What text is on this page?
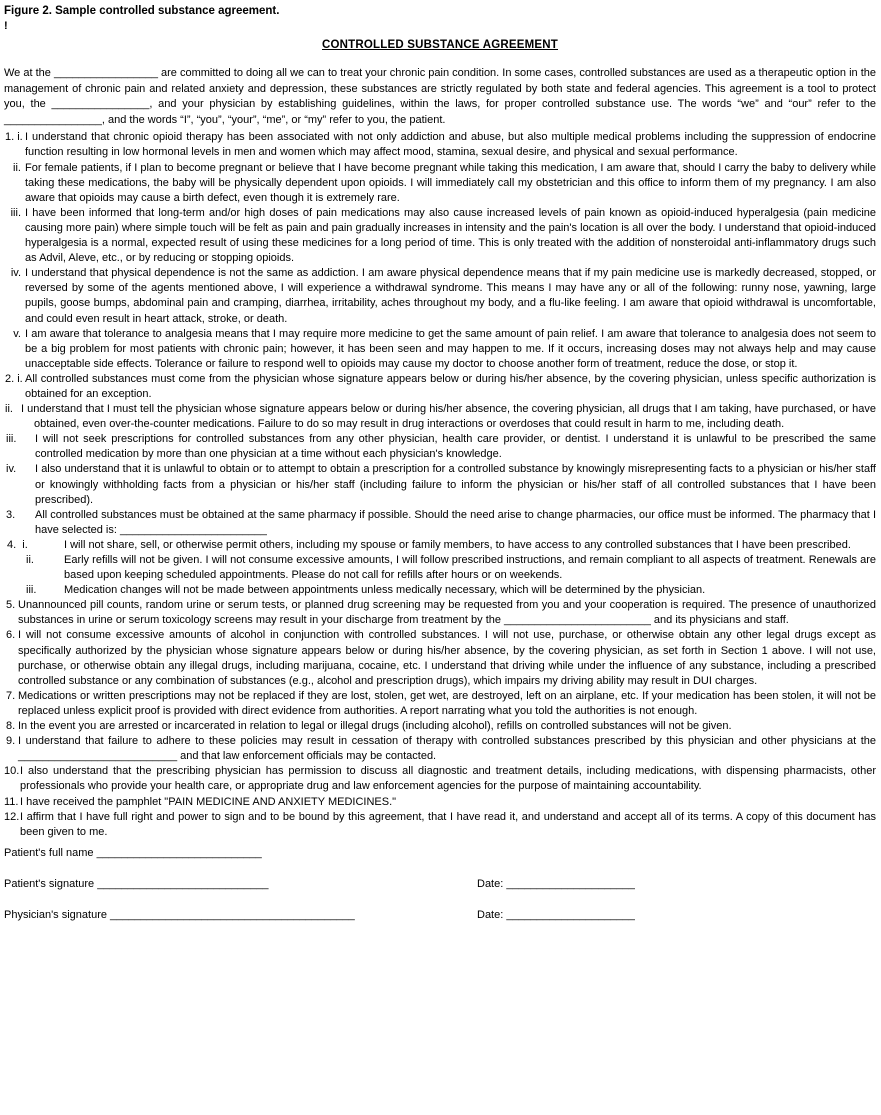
Figure 2. Sample controlled substance agreement.
!
CONTROLLED SUBSTANCE AGREEMENT
We at the _________________ are committed to doing all we can to treat your chronic pain condition. In some cases, controlled substances are used as a therapeutic option in the management of chronic pain and related anxiety and depression, these substances are strictly regulated by both state and federal agencies. This agreement is a tool to protect you, the ________________, and your physician by establishing guidelines, within the laws, for proper controlled substance use. The words “we” and “our” refer to the ________________, and the words “I”, “you”, “your”, “me”, or “my” refer to you, the patient.
1. i. I understand that chronic opioid therapy has been associated with not only addiction and abuse, but also multiple medical problems including the suppression of endocrine function resulting in low hormonal levels in men and women which may affect mood, stamina, sexual desire, and physical and sexual performance.
ii. For female patients, if I plan to become pregnant or believe that I have become pregnant while taking this medication, I am aware that, should I carry the baby to delivery while taking these medications, the baby will be physically dependent upon opioids. I will immediately call my obstetrician and this office to inform them of my pregnancy. I am also aware that opioids may cause a birth defect, even though it is extremely rare.
iii. I have been informed that long-term and/or high doses of pain medications may also cause increased levels of pain known as opioid-induced hyperalgesia (pain medicine causing more pain) where simple touch will be felt as pain and pain gradually increases in intensity and the pain's location is all over the body. I understand that opioid-induced hyperalgesia is a normal, expected result of using these medicines for a long period of time. This is only treated with the addition of nonsteroidal anti-inflammatory drugs such as Advil, Aleve, etc., or by reducing or stopping opioids.
iv. I understand that physical dependence is not the same as addiction. I am aware physical dependence means that if my pain medicine use is markedly decreased, stopped, or reversed by some of the agents mentioned above, I will experience a withdrawal syndrome. This means I may have any or all of the following: runny nose, yawning, large pupils, goose bumps, abdominal pain and cramping, diarrhea, irritability, aches throughout my body, and a flu-like feeling. I am aware that opioid withdrawal is uncomfortable, and could even result in heart attack, stroke, or death.
v. I am aware that tolerance to analgesia means that I may require more medicine to get the same amount of pain relief. I am aware that tolerance to analgesia does not seem to be a big problem for most patients with chronic pain; however, it has been seen and may happen to me. If it occurs, increasing doses may not always help and may cause unacceptable side effects. Tolerance or failure to respond well to opioids may cause my doctor to choose another form of treatment, reduce the dose, or stop it.
2. i. All controlled substances must come from the physician whose signature appears below or during his/her absence, by the covering physician, unless specific authorization is obtained for an exception.
ii. I understand that I must tell the physician whose signature appears below or during his/her absence, the covering physician, all drugs that I am taking, have purchased, or have obtained, even over-the-counter medications. Failure to do so may result in drug interactions or overdoses that could result in harm to me, including death.
iii. I will not seek prescriptions for controlled substances from any other physician, health care provider, or dentist. I understand it is unlawful to be prescribed the same controlled medication by more than one physician at a time without each physician's knowledge.
iv. I also understand that it is unlawful to obtain or to attempt to obtain a prescription for a controlled substance by knowingly misrepresenting facts to a physician or his/her staff or knowingly withholding facts from a physician or his/her staff (including failure to inform the physician or his/her staff of all controlled substances that I have been prescribed).
3. All controlled substances must be obtained at the same pharmacy if possible. Should the need arise to change pharmacies, our office must be informed. The pharmacy that I have selected is: ________________________
4.  i.	I will not share, sell, or otherwise permit others, including my spouse or family members, to have access to any controlled substances that I have been prescribed.
ii.	Early refills will not be given. I will not consume excessive amounts, I will follow prescribed instructions, and remain compliant to all aspects of treatment. Renewals are based upon keeping scheduled appointments. Please do not call for refills after hours or on weekends.
iii.	Medication changes will not be made between appointments unless medically necessary, which will be determined by the physician.
5. Unannounced pill counts, random urine or serum tests, or planned drug screening may be requested from you and your cooperation is required. The presence of unauthorized substances in urine or serum toxicology screens may result in your discharge from treatment by the ________________________ and its physicians and staff.
6. I will not consume excessive amounts of alcohol in conjunction with controlled substances. I will not use, purchase, or otherwise obtain any other legal drugs except as specifically authorized by the physician whose signature appears below or during his/her absence, by the covering physician, as set forth in Section 1 above. I will not use, purchase, or otherwise obtain any illegal drugs, including marijuana, cocaine, etc. I understand that driving while under the influence of any substance, including a prescribed controlled substance or any combination of substances (e.g., alcohol and prescription drugs), which impairs my driving ability may result in DUI charges.
7. Medications or written prescriptions may not be replaced if they are lost, stolen, get wet, are destroyed, left on an airplane, etc. If your medication has been stolen, it will not be replaced unless explicit proof is provided with direct evidence from authorities. A report narrating what you told the authorities is not enough.
8. In the event you are arrested or incarcerated in relation to legal or illegal drugs (including alcohol), refills on controlled substances will not be given.
9. I understand that failure to adhere to these policies may result in cessation of therapy with controlled substances prescribed by this physician and other physicians at the __________________________ and that law enforcement officials may be contacted.
10. I also understand that the prescribing physician has permission to discuss all diagnostic and treatment details, including medications, with dispensing pharmacists, other professionals who provide your health care, or appropriate drug and law enforcement agencies for the purpose of maintaining accountability.
11. I have received the pamphlet "PAIN MEDICINE AND ANXIETY MEDICINES."
12. I affirm that I have full right and power to sign and to be bound by this agreement, that I have read it, and understand and accept all of its terms. A copy of this document has been given to me.
Patient's full name ___________________________
Patient's signature ____________________________	Date: _____________________
Physician's signature ________________________________________	Date: _____________________
